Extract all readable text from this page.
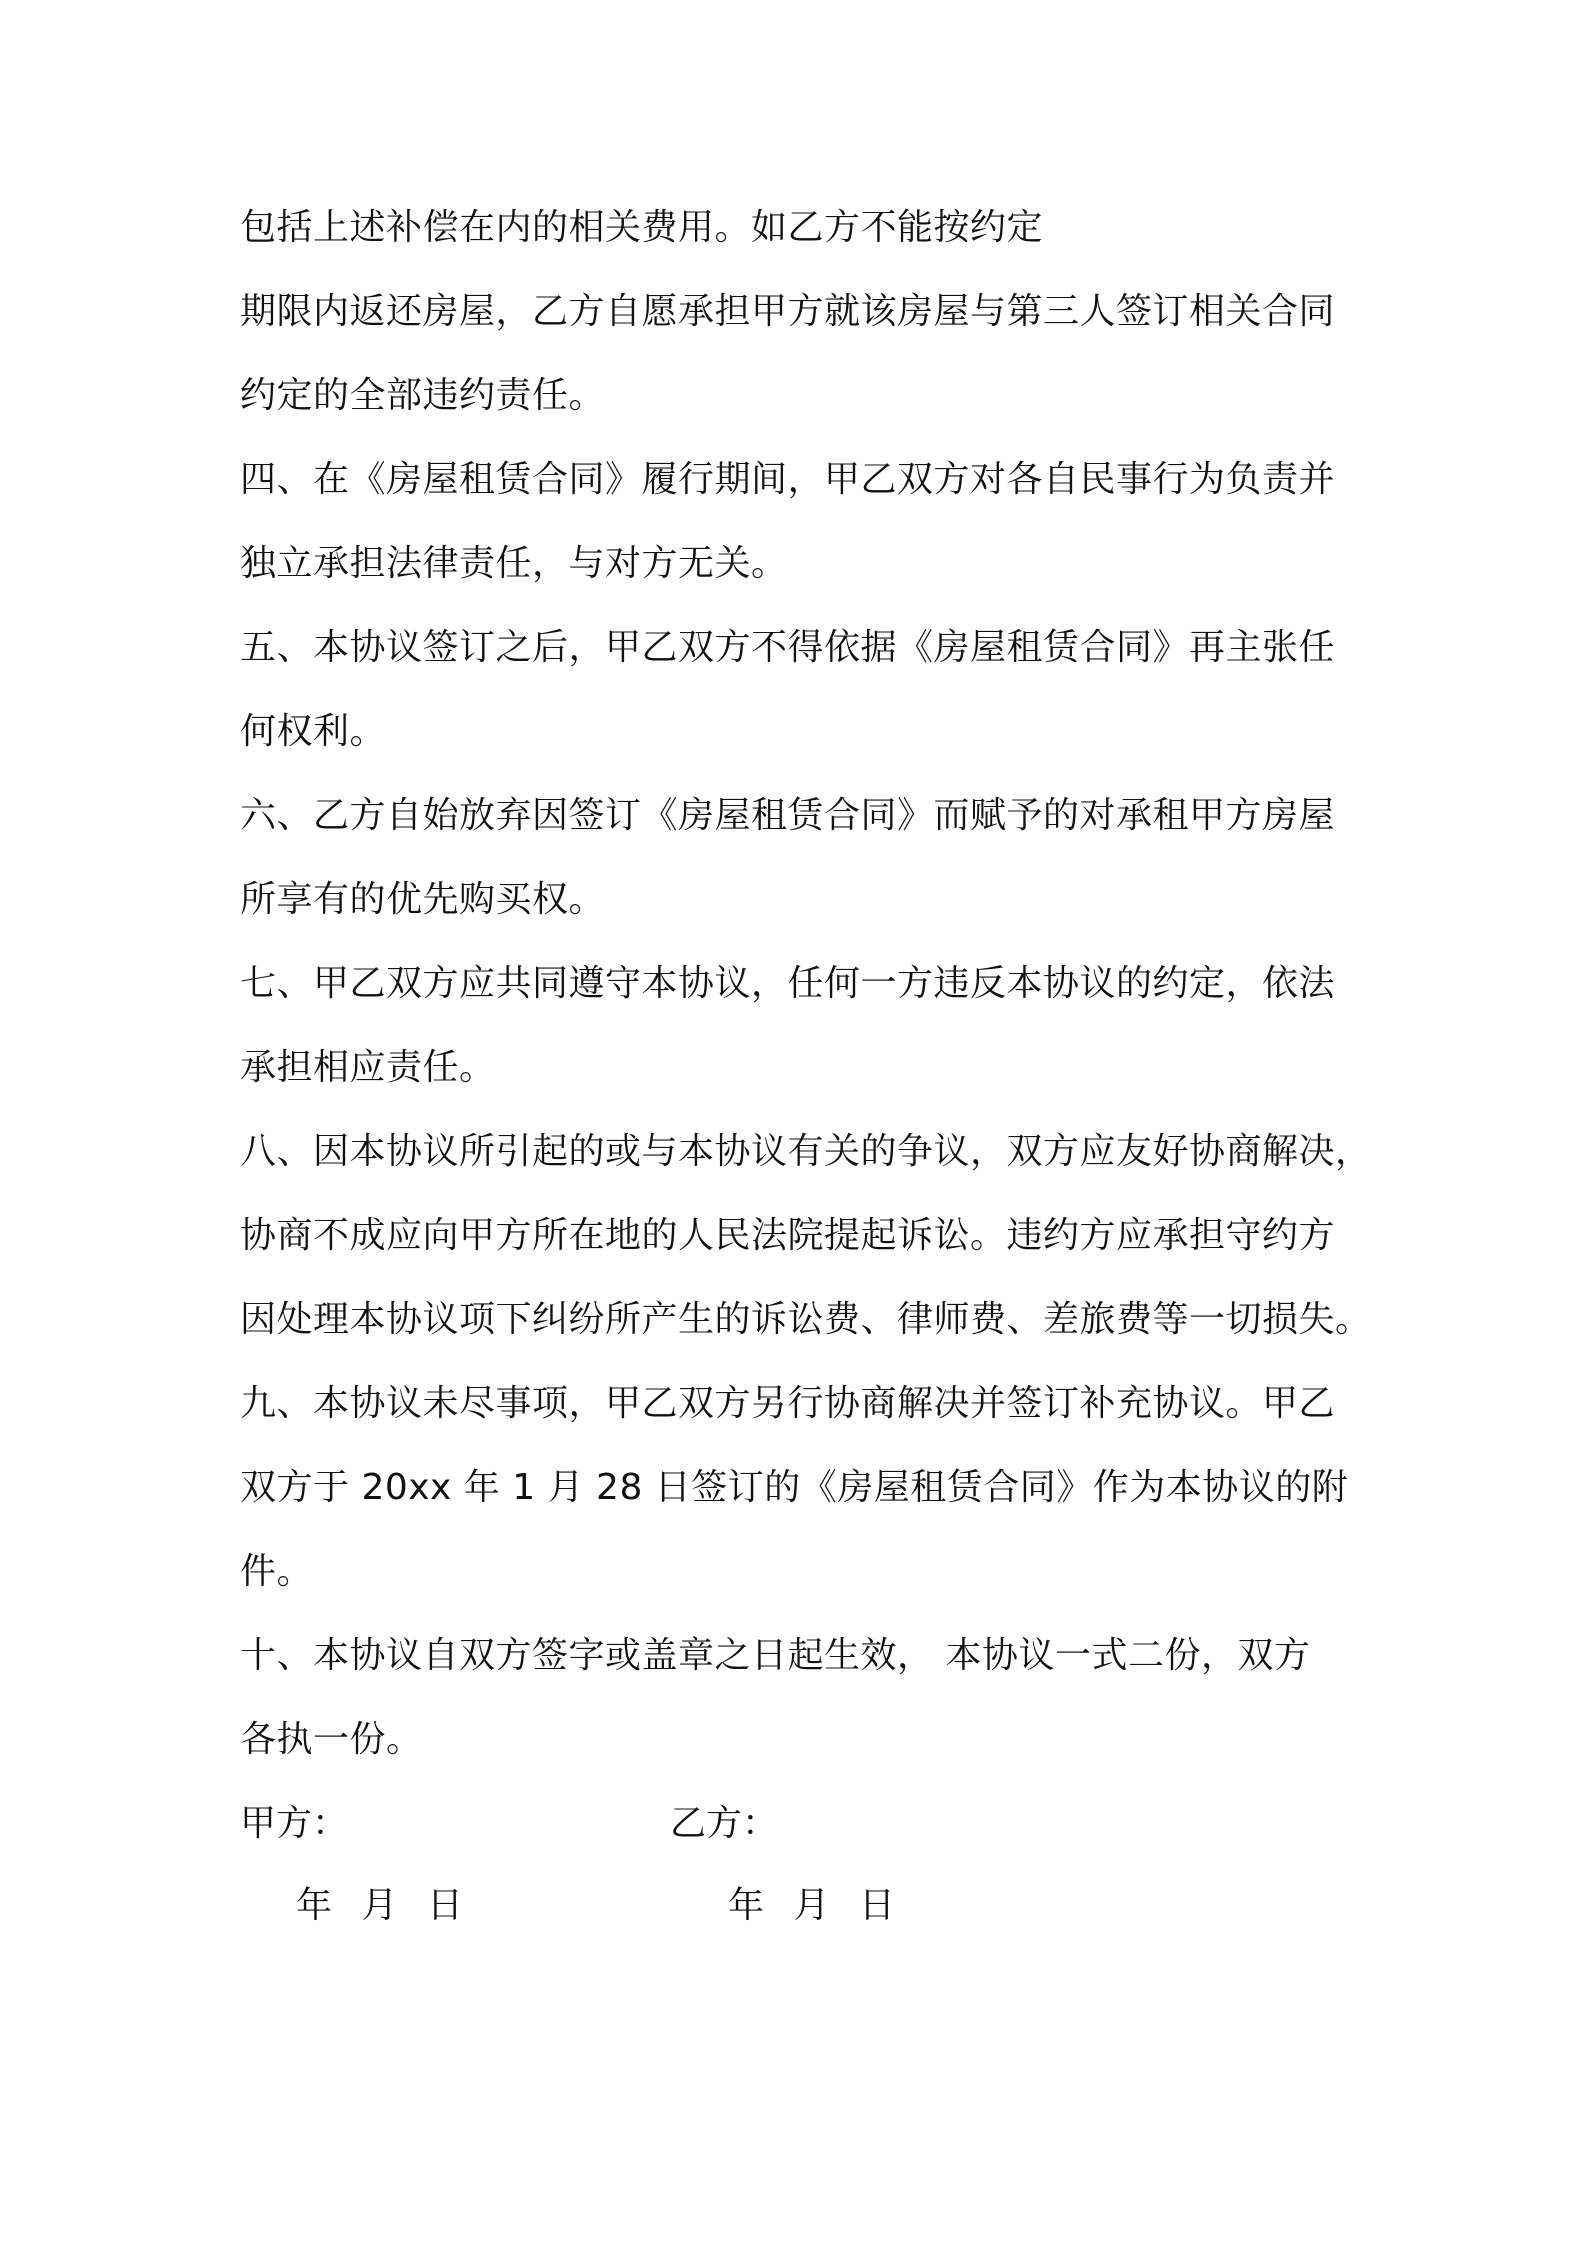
包括上述补偿在内的相关费用。如乙方不能按约定
期限内返还房屋，乙方自愿承担甲方就该房屋与第三人签订相关合同
约定的全部违约责任。
四、在《房屋租赁合同》履行期间，甲乙双方对各自民事行为负责并
独立承担法律责任，与对方无关。
五、本协议签订之后，甲乙双方不得依据《房屋租赁合同》再主张任
何权利。
六、乙方自始放弃因签订《房屋租赁合同》而赋予的对承租甲方房屋
所享有的优先购买权。
七、甲乙双方应共同遵守本协议，任何一方违反本协议的约定，依法
承担相应责任。
八、因本协议所引起的或与本协议有关的争议，双方应友好协商解决，
协商不成应向甲方所在地的人民法院提起诉讼。违约方应承担守约方
因处理本协议项下纠纷所产生的诉讼费、律师费、差旅费等一切损失。
九、本协议未尽事项，甲乙双方另行协商解决并签订补充协议。甲乙
双方于 20xx 年 1 月 28 日签订的《房屋租赁合同》作为本协议的附
件。
十、本协议自双方签字或盖章之日起生效， 本协议一式二份，双方
各执一份。
甲方：	乙方：
年 月 日	年 月 日
